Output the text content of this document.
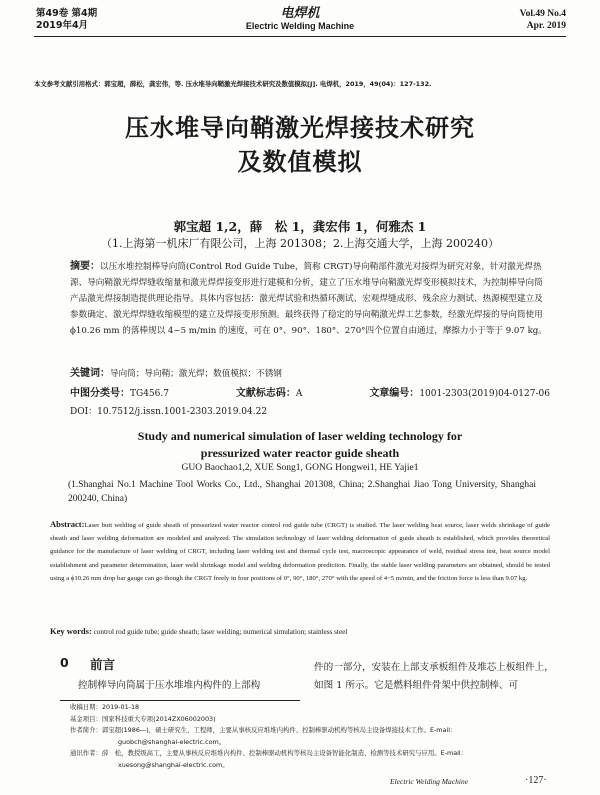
第49卷 第4期
2019年4月
电焊机
Electric Welding Machine
Vol.49 No.4
Apr. 2019
本文参考文献引用格式：郭宝超，薛松，龚宏伟，等. 压水堆导向鞘激光焊接技术研究及数值模拟[J]. 电焊机，2019，49(04)：127-132.
压水堆导向鞘激光焊接技术研究
及数值模拟
郭宝超 1,2，薛　松 1，龚宏伟 1，何雅杰 1
（1.上海第一机床厂有限公司，上海 201308；2.上海交通大学，上海 200240）
摘要：以压水堆控制棒导向筒(Control Rod Guide Tube，简称 CRGT)导向鞘部件激光对接焊为研究对象，针对激光焊热源、导向鞘激光焊焊缝收缩量和激光焊焊接变形进行建模和分析，建立了压水堆导向鞘激光焊变形模拟技术，为控制棒导向筒产品激光焊接制造提供理论指导。具体内容包括：激光焊试验和热循环测试、宏观焊缝成形、残余应力测试、热源模型建立及参数确定、激光焊焊缝收缩模型的建立及焊接变形预测。最终获得了稳定的导向鞘激光焊工艺参数，经激光焊接的导向筒使用 ϕ10.26 mm 的落棒规以 4~5 m/min 的速度，可在 0°、90°、180°、270°四个位置自由通过，摩擦力小于等于 9.07 kg。
关键词：导向筒；导向鞘；激光焊；数值模拟；不锈钢
中图分类号：TG456.7	文献标志码：A	文章编号：1001-2303(2019)04-0127-06
DOI：10.7512/j.issn.1001-2303.2019.04.22
Study and numerical simulation of laser welding technology for
pressurized water reactor guide sheath
GUO Baochao1,2, XUE Song1, GONG Hongwei1, HE Yajie1
(1.Shanghai No.1 Machine Tool Works Co., Ltd., Shanghai 201308, China; 2.Shanghai Jiao Tong University, Shanghai 200240, China)
Abstract:Laser butt welding of guide sheath of pressurized water reactor control rod guide tube (CRGT) is studied. The laser welding heat source, laser welds shrinkage of guide sheath and laser welding deformation are modeled and analyzed. The simulation technology of laser welding deformation of guide sheath is established, which provides theoretical guidance for the manufacture of laser welding of CRGT, including laser welding test and thermal cycle test, macroscopic appearance of weld, residual stress test, heat source model establishment and parameter determination, laser weld shrinkage model and welding deformation prediction. Finally, the stable laser welding parameters are obtained, should be tested using a ϕ10.26 mm drop bar gauge can go though the CRGT freely in four positions of 0°, 90°, 180°, 270° with the speed of 4~5 m/min, and the friction force is less than 9.07 kg.
Key words: control rod guide tube; guide sheath; laser welding; numerical simulation; stainless steel
0 前言
控制棒导向筒属于压水堆堆内构件的上部构
件的一部分，安装在上部支承板组件及堆芯上板组件上，如图 1 所示。它是燃料组件骨架中供控制棒、可
收稿日期：2019-01-18
基金项目：国家科技重大专项(2014ZX06002003)
作者简介：郭宝超(1986—)，硕士研究生，工程师，主要从事核反应堆堆内构件、控制棒驱动机构等核岛主设备焊接技术工作。E-mail：
guobch@shanghai-electric.com。
通讯作者：薛　松，教授级高工，主要从事核反应堆堆内构件、控制棒驱动机构等核岛主设备智能化制造、检测等技术研究与应用。E-mail：
xuesong@shanghai-electric.com。
Electric Welding Machine	·127·
